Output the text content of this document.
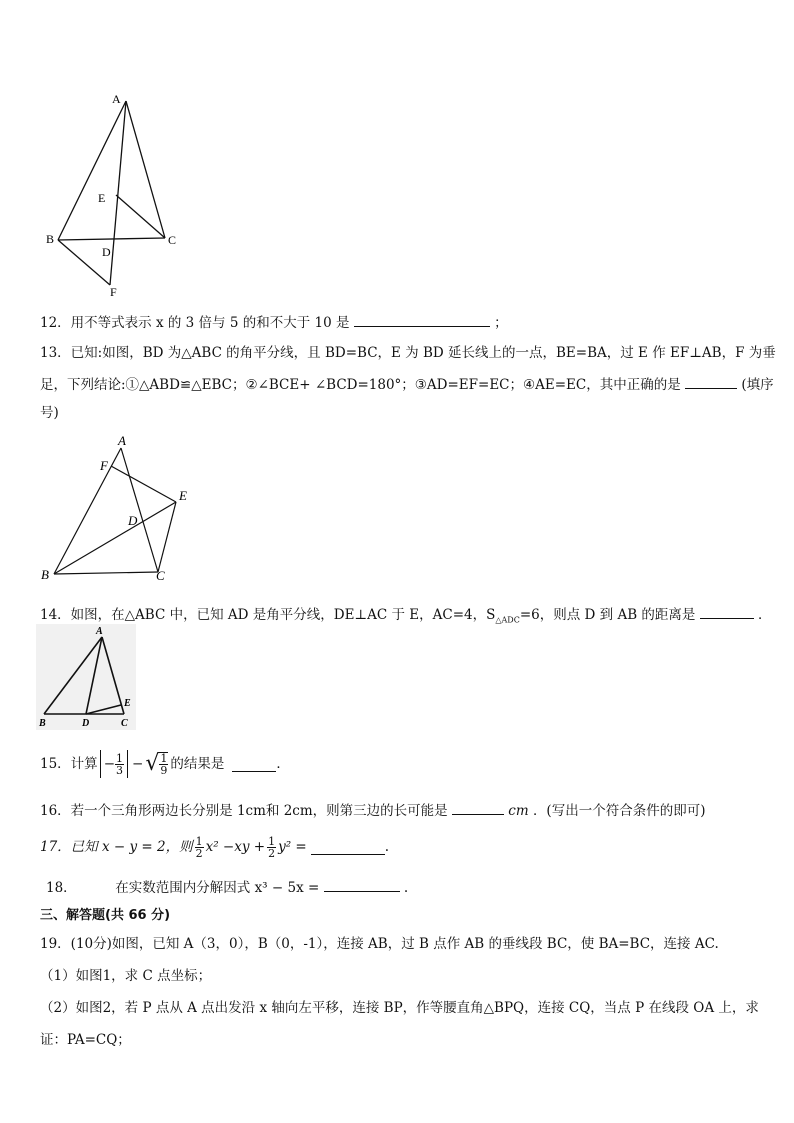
A
E
B	C
D
F
12．用不等式表示 x 的 3 倍与 5 的和不大于 10 是	；
13．已知:如图，BD 为△ABC 的角平分线，且 BD=BC，E 为 BD 延长线上的一点，BE=BA，过 E 作 EF⊥AB，F 为垂
足，下列结论:①△ABD≌△EBC；②∠BCE+ ∠BCD=180°；③AD=EF=EC；④AE=EC，其中正确的是	(填序
号)
A
F
E
D
B	C
14．如图，在△ABC 中，已知 AD 是角平分线，DE⊥AC 于 E，AC=4，$S_{\triangle ADC}=6$，则点 D 到 AB 的距离是	．
A
B	D	C
E
15．计算 − $\frac{1}{3}$ − √ $\frac{1}{9}$ 的结果是	．
16．若一个三角形两边长分别是 1cm和 2cm，则第三边的长可能是	cm ．(写出一个符合条件的即可)
17．已知 x − y = 2，则 $\frac{1}{2} x^2 -xy + \frac{1}{2} y^2$ =	.
18．	在实数范围内分解因式 x³ − 5x =	.
三、解答题(共 66 分)
19．(10分)如图，已知 A（3，0），B（0，-1），连接 AB，过 B 点作 AB 的垂线段 BC，使 BA=BC，连接 AC.
（1）如图1，求 C 点坐标；
（2）如图2，若 P 点从 A 点出发沿 x 轴向左平移，连接 BP，作等腰直角△BPQ，连接 CQ，当点 P 在线段 OA 上，求
证：PA=CQ；
